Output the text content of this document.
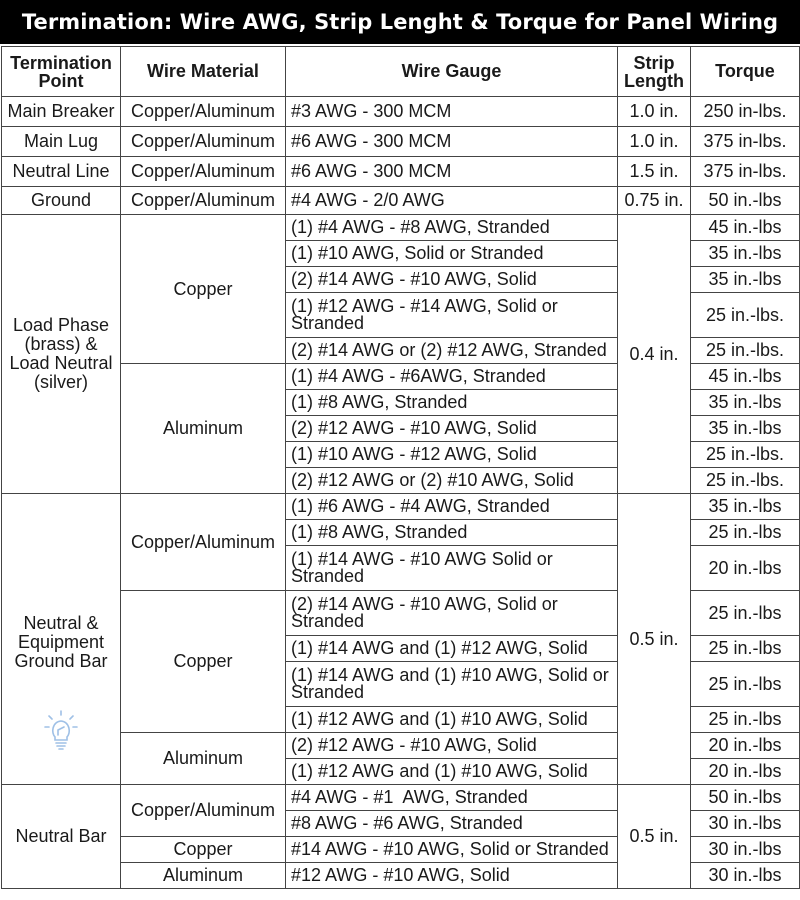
Termination: Wire AWG, Strip Lenght & Torque for Panel Wiring
Termination Point	Wire Material	Wire Gauge	Strip Length	Torque
Main Breaker	Copper/Aluminum	#3 AWG - 300 MCM	1.0 in.	250 in-lbs.
Main Lug	Copper/Aluminum	#6 AWG - 300 MCM	1.0 in.	375 in-lbs.
Neutral Line	Copper/Aluminum	#6 AWG - 300 MCM	1.5 in.	375 in-lbs.
Ground	Copper/Aluminum	#4 AWG - 2/0 AWG	0.75 in.	50 in.-lbs
Load Phase (brass) & Load Neutral (silver)	Copper	(1) #4 AWG - #8 AWG, Stranded	0.4 in.	45 in.-lbs
		(1) #10 AWG, Solid or Stranded		35 in.-lbs
		(2) #14 AWG - #10 AWG, Solid		35 in.-lbs
		(1) #12 AWG - #14 AWG, Solid or Stranded		25 in.-lbs.
		(2) #14 AWG or (2) #12 AWG, Stranded		25 in.-lbs.
	Aluminum	(1) #4 AWG - #6AWG, Stranded		45 in.-lbs
		(1) #8 AWG, Stranded		35 in.-lbs
		(2) #12 AWG - #10 AWG, Solid		35 in.-lbs
		(1) #10 AWG - #12 AWG, Solid		25 in.-lbs.
		(2) #12 AWG or (2) #10 AWG, Solid		25 in.-lbs.
Neutral & Equipment Ground Bar	Copper/Aluminum	(1) #6 AWG - #4 AWG, Stranded	0.5 in.	35 in.-lbs
		(1) #8 AWG, Stranded		25 in.-lbs
		(1) #14 AWG - #10 AWG Solid or Stranded		20 in.-lbs
	Copper	(2) #14 AWG - #10 AWG, Solid or Stranded		25 in.-lbs
		(1) #14 AWG and (1) #12 AWG, Solid		25 in.-lbs
		(1) #14 AWG and (1) #10 AWG, Solid or Stranded		25 in.-lbs
		(1) #12 AWG and (1) #10 AWG, Solid		25 in.-lbs
	Aluminum	(2) #12 AWG - #10 AWG, Solid		20 in.-lbs
		(1) #12 AWG and (1) #10 AWG, Solid		20 in.-lbs
Neutral Bar	Copper/Aluminum	#4 AWG - #1  AWG, Stranded	0.5 in.	50 in.-lbs
		#8 AWG - #6 AWG, Stranded		30 in.-lbs
	Copper	#14 AWG - #10 AWG, Solid or Stranded		30 in.-lbs
	Aluminum	#12 AWG - #10 AWG, Solid		30 in.-lbs
